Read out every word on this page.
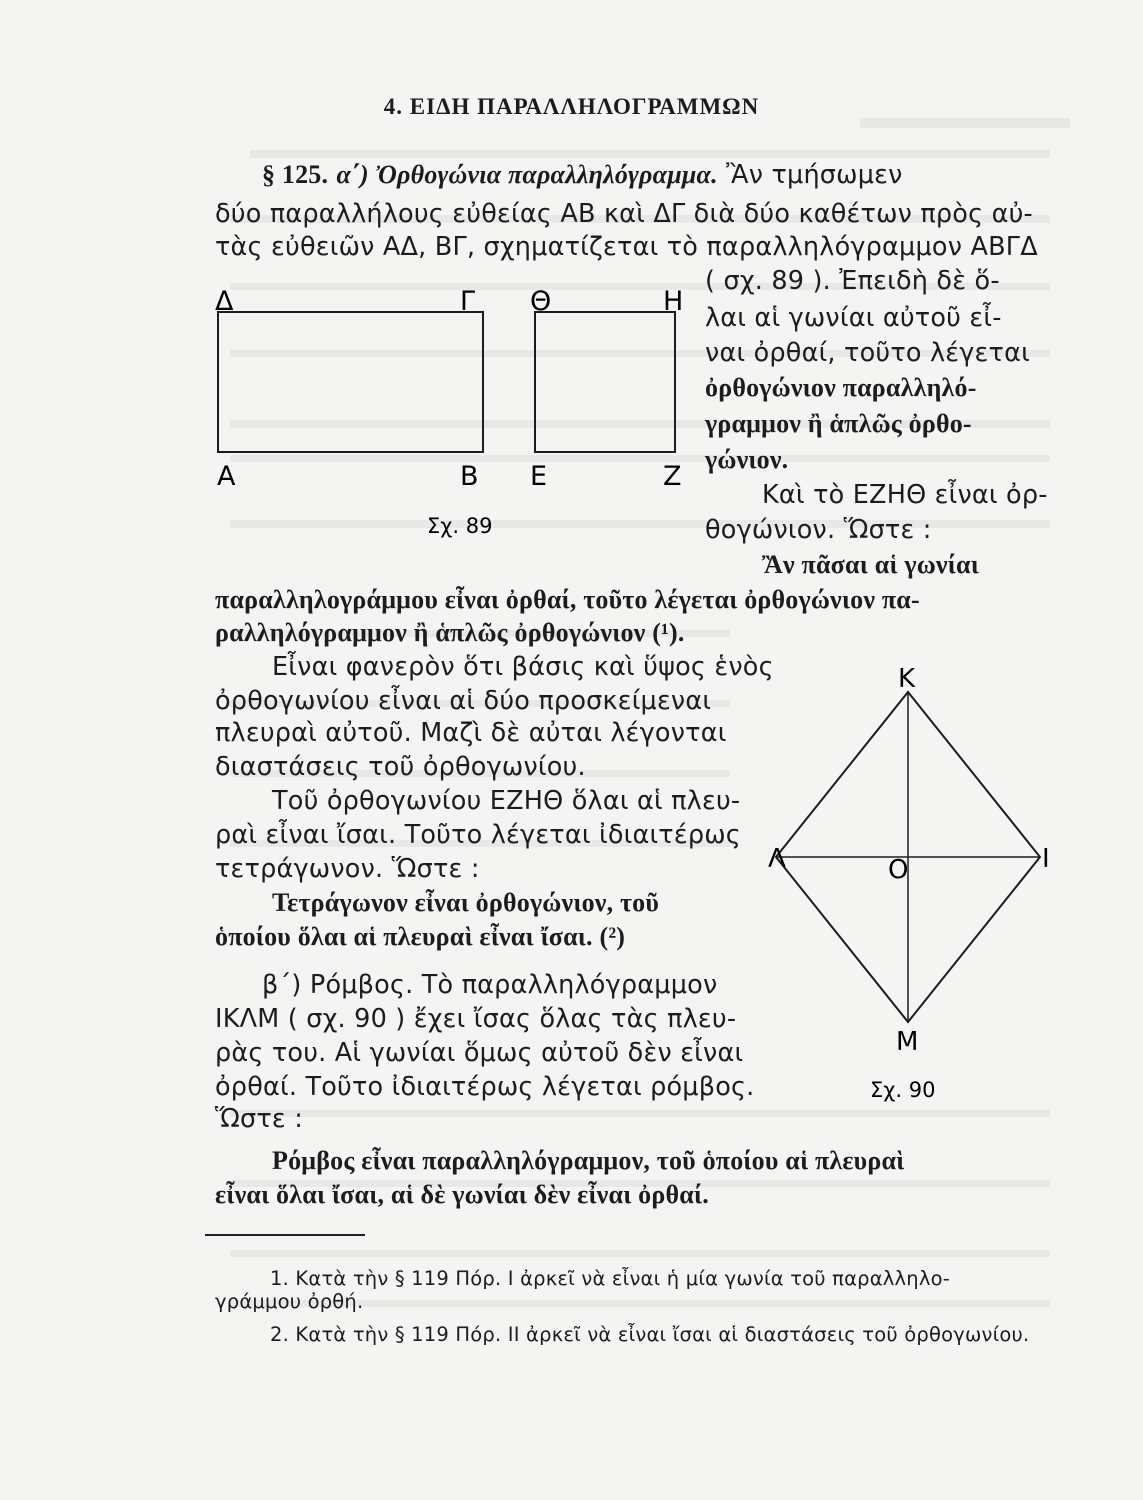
4. ΕΙΔΗ ΠΑΡΑΛΛΗΛΟΓΡΑΜΜΩΝ
§ 125. α΄) Ὀρθογώνια παραλληλόγραμμα. Ἂν τμήσωμεν
δύο παραλλήλους εὐθείας ΑΒ καὶ ΔΓ διὰ δύο καθέτων πρὸς αὐ-
τὰς εὐθειῶν ΑΔ, ΒΓ, σχηματίζεται τὸ παραλληλόγραμμον ΑΒΓΔ
( σχ. 89 ). Ἐπειδὴ δὲ ὅ-
λαι αἱ γωνίαι αὐτοῦ εἶ-
ναι ὀρθαί, τοῦτο λέγεται
ὀρθογώνιον παραλληλό-
γραμμον ἢ ἁπλῶς ὀρθο-
γώνιον.
Καὶ τὸ ΕΖΗΘ εἶναι ὀρ-
θογώνιον. Ὥστε :
Δ	Γ
Α	Β
Θ	Η
Ε	Ζ
Σχ. 89
Ἂν πᾶσαι αἱ γωνίαι
παραλληλογράμμου εἶναι ὀρθαί, τοῦτο λέγεται ὀρθογώνιον πα-
ραλληλόγραμμον ἢ ἁπλῶς ὀρθογώνιον (¹).
Εἶναι φανερὸν ὅτι βάσις καὶ ὕψος ἑνὸς
ὀρθογωνίου εἶναι αἱ δύο προσκείμεναι
πλευραὶ αὐτοῦ. Μαζὶ δὲ αὐται λέγονται
διαστάσεις τοῦ ὀρθογωνίου.
Τοῦ ὀρθογωνίου ΕΖΗΘ ὅλαι αἱ πλευ-
ραὶ εἶναι ἴσαι. Τοῦτο λέγεται ἰδιαιτέρως
τετράγωνον. Ὥστε :
Τετράγωνον εἶναι ὀρθογώνιον, τοῦ
ὁποίου ὅλαι αἱ πλευραὶ εἶναι ἴσαι. (²)
Κ
Λ	Ο	Ι
Μ
Σχ. 90
β΄) Ρόμβος. Τὸ παραλληλόγραμμον
ΙΚΛΜ ( σχ. 90 ) ἔχει ἴσας ὅλας τὰς πλευ-
ρὰς του. Αἱ γωνίαι ὅμως αὐτοῦ δὲν εἶναι
ὀρθαί. Τοῦτο ἰδιαιτέρως λέγεται ρόμβος.
Ὥστε :
Ρόμβος εἶναι παραλληλόγραμμον, τοῦ ὁποίου αἱ πλευραὶ
εἶναι ὅλαι ἴσαι, αἱ δὲ γωνίαι δὲν εἶναι ὀρθαί.
1. Κατὰ τὴν § 119 Πόρ. I ἀρκεῖ νὰ εἶναι ἡ μία γωνία τοῦ παραλληλο-
γράμμου ὀρθή.
2. Κατὰ τὴν § 119 Πόρ. II ἀρκεῖ νὰ εἶναι ἴσαι αἱ διαστάσεις τοῦ ὀρθογωνίου.
